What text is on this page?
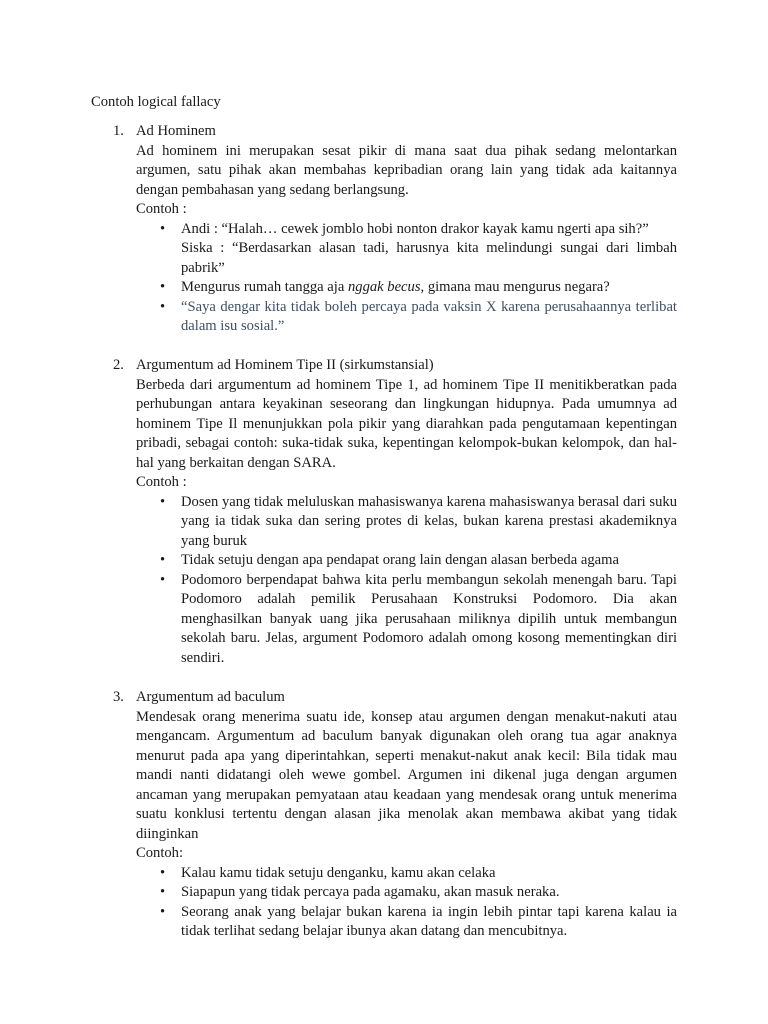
Contoh logical fallacy
1. Ad Hominem
Ad hominem ini merupakan sesat pikir di mana saat dua pihak sedang melontarkan argumen, satu pihak akan membahas kepribadian orang lain yang tidak ada kaitannya dengan pembahasan yang sedang berlangsung.
Contoh :
• Andi : “Halah… cewek jomblo hobi nonton drakor kayak kamu ngerti apa sih?”
Siska : “Berdasarkan alasan tadi, harusnya kita melindungi sungai dari limbah pabrik”
• Mengurus rumah tangga aja nggak becus, gimana mau mengurus negara?
• “Saya dengar kita tidak boleh percaya pada vaksin X karena perusahaannya terlibat dalam isu sosial.”
2. Argumentum ad Hominem Tipe II (sirkumstansial)
Berbeda dari argumentum ad hominem Tipe 1, ad hominem Tipe II menitikberatkan pada perhubungan antara keyakinan seseorang dan lingkungan hidupnya. Pada umumnya ad hominem Tipe Il menunjukkan pola pikir yang diarahkan pada pengutamaan kepentingan pribadi, sebagai contoh: suka-tidak suka, kepentingan kelompok-bukan kelompok, dan hal-hal yang berkaitan dengan SARA.
Contoh :
• Dosen yang tidak meluluskan mahasiswanya karena mahasiswanya berasal dari suku yang ia tidak suka dan sering protes di kelas, bukan karena prestasi akademiknya yang buruk
• Tidak setuju dengan apa pendapat orang lain dengan alasan berbeda agama
• Podomoro berpendapat bahwa kita perlu membangun sekolah menengah baru. Tapi Podomoro adalah pemilik Perusahaan Konstruksi Podomoro. Dia akan menghasilkan banyak uang jika perusahaan miliknya dipilih untuk membangun sekolah baru. Jelas, argument Podomoro adalah omong kosong mementingkan diri sendiri.
3. Argumentum ad baculum
Mendesak orang menerima suatu ide, konsep atau argumen dengan menakut-nakuti atau mengancam. Argumentum ad baculum banyak digunakan oleh orang tua agar anaknya menurut pada apa yang diperintahkan, seperti menakut-nakut anak kecil: Bila tidak mau mandi nanti didatangi oleh wewe gombel. Argumen ini dikenal juga dengan argumen ancaman yang merupakan pemyataan atau keadaan yang mendesak orang untuk menerima suatu konklusi tertentu dengan alasan jika menolak akan membawa akibat yang tidak diinginkan
Contoh:
• Kalau kamu tidak setuju denganku, kamu akan celaka
• Siapapun yang tidak percaya pada agamaku, akan masuk neraka.
• Seorang anak yang belajar bukan karena ia ingin lebih pintar tapi karena kalau ia tidak terlihat sedang belajar ibunya akan datang dan mencubitnya.
